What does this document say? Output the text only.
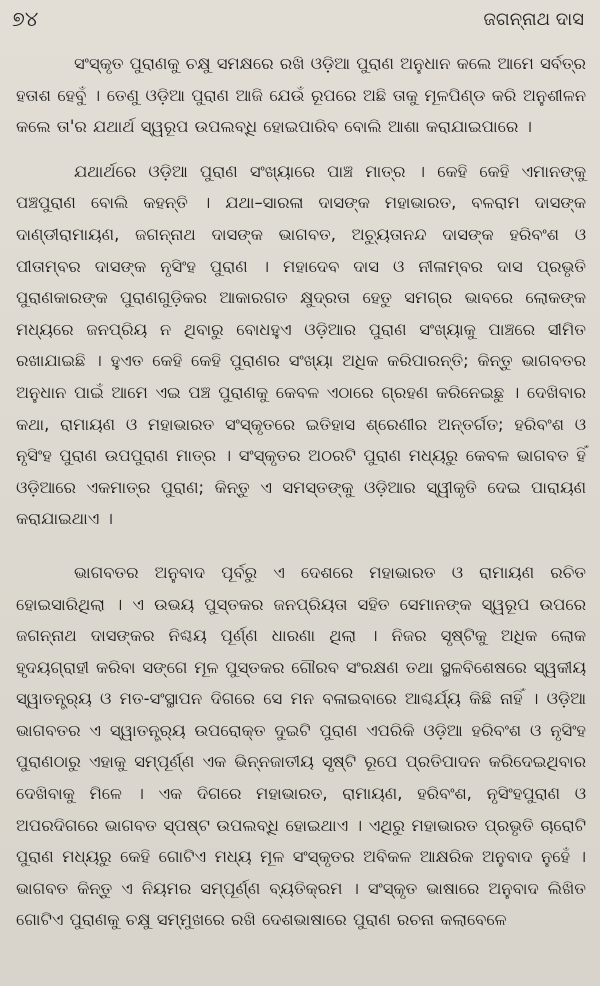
୭୪	ଜଗନ୍ନାଥ ଦାସ

ସଂସ୍କୃତ ପୁରାଣକୁ ଚକ୍ଷୁ ସମକ୍ଷରେ ରଖି ଓଡ଼ିଆ ପୁରାଣ ଅନୁଧାନ କଲେ ଆମେ ସର୍ବତ୍ର ହତାଶ ହେବୁଁ । ତେଣୁ ଓଡ଼ିଆ ପୁରାଣ ଆଜି ଯେଉଁ ରୂପରେ ଅଛି ତାକୁ ମୂଳପିଣ୍ଡ କରି ଅନୁଶୀଳନ କଲେ ତା'ର ଯଥାର୍ଥ ସ୍ୱରୂପ ଉପଲବ୍ଧି ହୋଇପାରିବ ବୋଲି ଆଶା କରାଯାଇପାରେ ।

ଯଥାର୍ଥରେ ଓଡ଼ିଆ ପୁରାଣ ସଂଖ୍ୟାରେ ପାଞ୍ଚ ମାତ୍ର । କେହି କେହି ଏମାନଙ୍କୁ ପଞ୍ଚପୁରାଣ ବୋଲି କହନ୍ତି । ଯଥା–ସାରଳା ଦାସଙ୍କ ମହାଭାରତ, ବଳରାମ ଦାସଙ୍କ ଦାଣ୍ଡୀରାମାୟଣ, ଜଗନ୍ନାଥ ଦାସଙ୍କ ଭାଗବତ, ଅଚ୍ୟୁତାନନ୍ଦ ଦାସଙ୍କ ହରିବଂଶ ଓ ପୀତାମ୍ବର ଦାସଙ୍କ ନୃସିଂହ ପୁରାଣ । ମହାଦେବ ଦାସ ଓ ନୀଳାମ୍ବର ଦାସ ପ୍ରଭୃତି ପୁରାଣକାରଙ୍କ ପୁରାଣଗୁଡ଼ିକର ଆକାରଗତ କ୍ଷୁଦ୍ରତା ହେତୁ ସମଗ୍ର ଭାବରେ ଲୋକଙ୍କ ମଧ୍ୟରେ ଜନପ୍ରିୟ ନ ଥିବାରୁ ବୋଧହୁଏ ଓଡ଼ିଆର ପୁରାଣ ସଂଖ୍ୟାକୁ ପାଞ୍ଚରେ ସୀମିତ ରଖାଯାଇଛି । ହୁଏତ କେହି କେହି ପୁରାଣର ସଂଖ୍ୟା ଅଧିକ କରିପାରନ୍ତି; କିନ୍ତୁ ଭାଗବତର ଅନୁଧାନ ପାଇଁ ଆମେ ଏଇ ପଞ୍ଚ ପୁରାଣକୁ କେବଳ ଏଠାରେ ଗ୍ରହଣ କରିନେଇଛୁ । ଦେଖିବାର କଥା, ରାମାୟଣ ଓ ମହାଭାରତ ସଂସ୍କୃତରେ ଇତିହାସ ଶ୍ରେଣୀର ଅନ୍ତର୍ଗତ; ହରିବଂଶ ଓ ନୃସିଂହ ପୁରାଣ ଉପପୁରାଣ ମାତ୍ର । ସଂସ୍କୃତର ଅଠରଟି ପୁରାଣ ମଧ୍ୟରୁ କେବଳ ଭାଗବତ ହିଁ ଓଡ଼ିଆରେ ଏକମାତ୍ର ପୁରାଣ; କିନ୍ତୁ ଏ ସମସ୍ତଙ୍କୁ ଓଡ଼ିଆର ସ୍ୱୀକୃତି ଦେଇ ପାରାୟଣ କରାଯାଇଥାଏ ।

ଭାଗବତର ଅନୁବାଦ ପୂର୍ବରୁ ଏ ଦେଶରେ ମହାଭାରତ ଓ ରାମାୟଣ ରଚିତ ହୋଇସାରିଥିଲା । ଏ ଉଭୟ ପୁସ୍ତକର ଜନପ୍ରିୟତା ସହିତ ସେମାନଙ୍କ ସ୍ୱରୂପ ଉପରେ ଜଗନ୍ନାଥ ଦାସଙ୍କର ନିଶ୍ଚୟ ପୂର୍ଣ୍ଣ ଧାରଣା ଥିଲା । ନିଜର ସୃଷ୍ଟିକୁ ଅଧିକ ଲୋକ ହୃଦୟଗ୍ରାହୀ କରିବା ସଙ୍ଗେ ମୂଳ ପୁସ୍ତକର ଗୌରବ ସଂରକ୍ଷଣ ତଥା ସ୍ଥଳବିଶେଷରେ ସ୍ୱକୀୟ ସ୍ୱାତନ୍ତ୍ର୍ୟ ଓ ମତ-ସଂସ୍ଥାପନ ଦିଗରେ ସେ ମନ ବଳାଇବାରେ ଆଶ୍ଚର୍ଯ୍ୟ କିଛି ନାହିଁ । ଓଡ଼ିଆ ଭାଗବତର ଏ ସ୍ୱାତନ୍ତ୍ର୍ୟ ଉପରୋକ୍ତ ଦୁଇଟି ପୁରାଣ ଏପରିକି ଓଡ଼ିଆ ହରିବଂଶ ଓ ନୃସିଂହ ପୁରାଣଠାରୁ ଏହାକୁ ସମ୍ପୂର୍ଣ୍ଣ ଏକ ଭିନ୍ନଜାତୀୟ ସୃଷ୍ଟି ରୂପେ ପ୍ରତିପାଦନ କରିଦେଇଥିବାର ଦେଖିବାକୁ ମିଳେ । ଏକ ଦିଗରେ ମହାଭାରତ, ରାମାୟଣ, ହରିବଂଶ, ନୃସିଂହପୁରାଣ ଓ ଅପରଦିଗରେ ଭାଗବତ ସ୍ପଷ୍ଟ ଉପଲବ୍ଧି ହୋଇଥାଏ । ଏଥିରୁ ମହାଭାରତ ପ୍ରଭୃତି ଚାରୋଟି ପୁରାଣ ମଧ୍ୟରୁ କେହି ଗୋଟିଏ ମଧ୍ୟ ମୂଳ ସଂସ୍କୃତର ଅବିକଳ ଆକ୍ଷରିକ ଅନୁବାଦ ନୁହେଁ । ଭାଗବତ କିନ୍ତୁ ଏ ନିୟମର ସମ୍ପୂର୍ଣ୍ଣ ବ୍ୟତିକ୍ରମ । ସଂସ୍କୃତ ଭାଷାରେ ଅନୁବାଦ ଲିଖିତ ଗୋଟିଏ ପୁରାଣକୁ ଚକ୍ଷୁ ସମ୍ମୁଖରେ ରଖି ଦେଶଭାଷାରେ ପୁରାଣ ରଚନା କଲାବେଳେ
